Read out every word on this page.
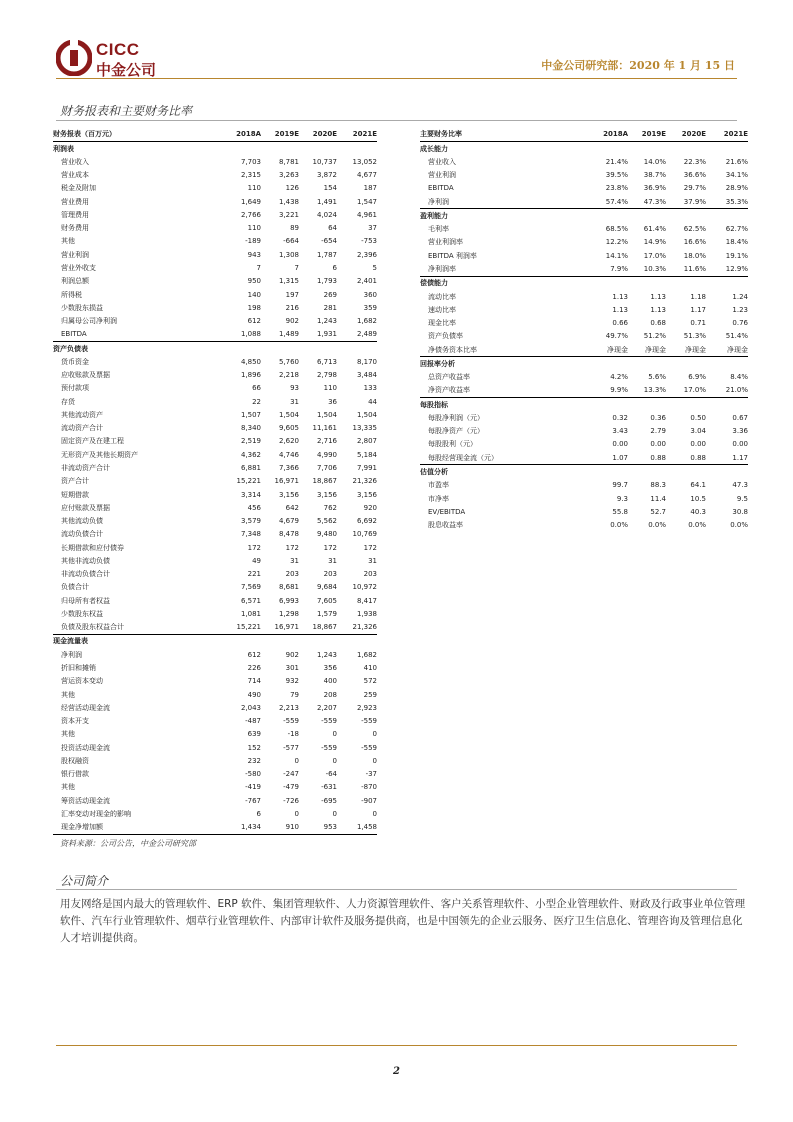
CICC
中金公司	中金公司研究部：2020 年 1 月 15 日
财务报表和主要财务比率
财务报表（百万元）	2018A	2019E	2020E	2021E
利润表				
营业收入	7,703	8,781	10,737	13,052
营业成本	2,315	3,263	3,872	4,677
税金及附加	110	126	154	187
营业费用	1,649	1,438	1,491	1,547
管理费用	2,766	3,221	4,024	4,961
财务费用	110	89	64	37
其他	-189	-664	-654	-753
营业利润	943	1,308	1,787	2,396
营业外收支	7	7	6	5
利润总额	950	1,315	1,793	2,401
所得税	140	197	269	360
少数股东损益	198	216	281	359
归属母公司净利润	612	902	1,243	1,682
EBITDA	1,088	1,489	1,931	2,489
资产负债表				
货币资金	4,850	5,760	6,713	8,170
应收账款及票据	1,896	2,218	2,798	3,484
预付款项	66	93	110	133
存货	22	31	36	44
其他流动资产	1,507	1,504	1,504	1,504
流动资产合计	8,340	9,605	11,161	13,335
固定资产及在建工程	2,519	2,620	2,716	2,807
无形资产及其他长期资产	4,362	4,746	4,990	5,184
非流动资产合计	6,881	7,366	7,706	7,991
资产合计	15,221	16,971	18,867	21,326
短期借款	3,314	3,156	3,156	3,156
应付账款及票据	456	642	762	920
其他流动负债	3,579	4,679	5,562	6,692
流动负债合计	7,348	8,478	9,480	10,769
长期借款和应付债券	172	172	172	172
其他非流动负债	49	31	31	31
非流动负债合计	221	203	203	203
负债合计	7,569	8,681	9,684	10,972
归母所有者权益	6,571	6,993	7,605	8,417
少数股东权益	1,081	1,298	1,579	1,938
负债及股东权益合计	15,221	16,971	18,867	21,326
现金流量表				
净利润	612	902	1,243	1,682
折旧和摊销	226	301	356	410
营运资本变动	714	932	400	572
其他	490	79	208	259
经营活动现金流	2,043	2,213	2,207	2,923
资本开支	-487	-559	-559	-559
其他	639	-18	0	0
投资活动现金流	152	-577	-559	-559
股权融资	232	0	0	0
银行借款	-580	-247	-64	-37
其他	-419	-479	-631	-870
筹资活动现金流	-767	-726	-695	-907
汇率变动对现金的影响	6	0	0	0
现金净增加额	1,434	910	953	1,458
主要财务比率	2018A	2019E	2020E	2021E
成长能力				
营业收入	21.4%	14.0%	22.3%	21.6%
营业利润	39.5%	38.7%	36.6%	34.1%
EBITDA	23.8%	36.9%	29.7%	28.9%
净利润	57.4%	47.3%	37.9%	35.3%
盈利能力				
毛利率	68.5%	61.4%	62.5%	62.7%
营业利润率	12.2%	14.9%	16.6%	18.4%
EBITDA 利润率	14.1%	17.0%	18.0%	19.1%
净利润率	7.9%	10.3%	11.6%	12.9%
偿债能力				
流动比率	1.13	1.13	1.18	1.24
速动比率	1.13	1.13	1.17	1.23
现金比率	0.66	0.68	0.71	0.76
资产负债率	49.7%	51.2%	51.3%	51.4%
净债务资本比率	净现金	净现金	净现金	净现金
回报率分析				
总资产收益率	4.2%	5.6%	6.9%	8.4%
净资产收益率	9.9%	13.3%	17.0%	21.0%
每股指标				
每股净利润（元）	0.32	0.36	0.50	0.67
每股净资产（元）	3.43	2.79	3.04	3.36
每股股利（元）	0.00	0.00	0.00	0.00
每股经营现金流（元）	1.07	0.88	0.88	1.17
估值分析				
市盈率	99.7	88.3	64.1	47.3
市净率	9.3	11.4	10.5	9.5
EV/EBITDA	55.8	52.7	40.3	30.8
股息收益率	0.0%	0.0%	0.0%	0.0%
资料来源：公司公告，中金公司研究部
公司简介
用友网络是国内最大的管理软件、ERP 软件、集团管理软件、人力资源管理软件、客户关系管理软件、小型企业管理软件、财政及行政事业单位管理软件、汽车行业管理软件、烟草行业管理软件、内部审计软件及服务提供商，也是中国领先的企业云服务、医疗卫生信息化、管理咨询及管理信息化人才培训提供商。
2
